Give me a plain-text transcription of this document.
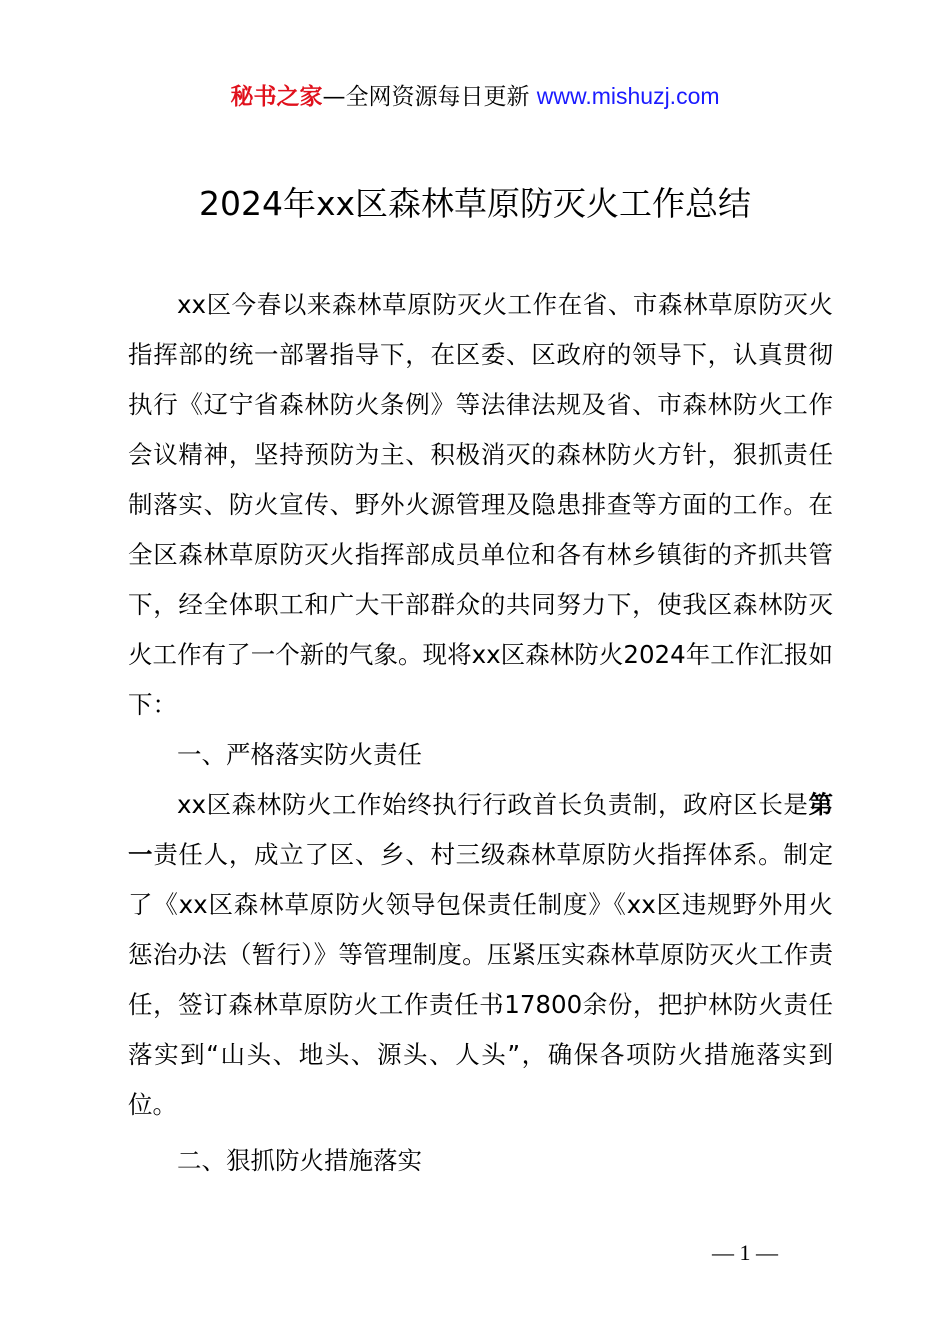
秘书之家—全网资源每日更新 www.mishuzj.com
2024年xx区森林草原防灭火工作总结

xx区今春以来森林草原防灭火工作在省、市森林草原防灭火指挥部的统一部署指导下，在区委、区政府的领导下，认真贯彻执行《辽宁省森林防火条例》等法律法规及省、市森林防火工作会议精神，坚持预防为主、积极消灭的森林防火方针，狠抓责任制落实、防火宣传、野外火源管理及隐患排查等方面的工作。在全区森林草原防灭火指挥部成员单位和各有林乡镇街的齐抓共管下，经全体职工和广大干部群众的共同努力下，使我区森林防灭火工作有了一个新的气象。现将xx区森林防火2024年工作汇报如下：

一、严格落实防火责任

xx区森林防火工作始终执行行政首长负责制，政府区长是第一责任人，成立了区、乡、村三级森林草原防火指挥体系。制定了《xx区森林草原防火领导包保责任制度》《xx区违规野外用火惩治办法（暂行）》等管理制度。压紧压实森林草原防灭火工作责任，签订森林草原防火工作责任书17800余份，把护林防火责任落实到“山头、地头、源头、人头”，确保各项防火措施落实到位。

二、狠抓防火措施落实

— 1 —
